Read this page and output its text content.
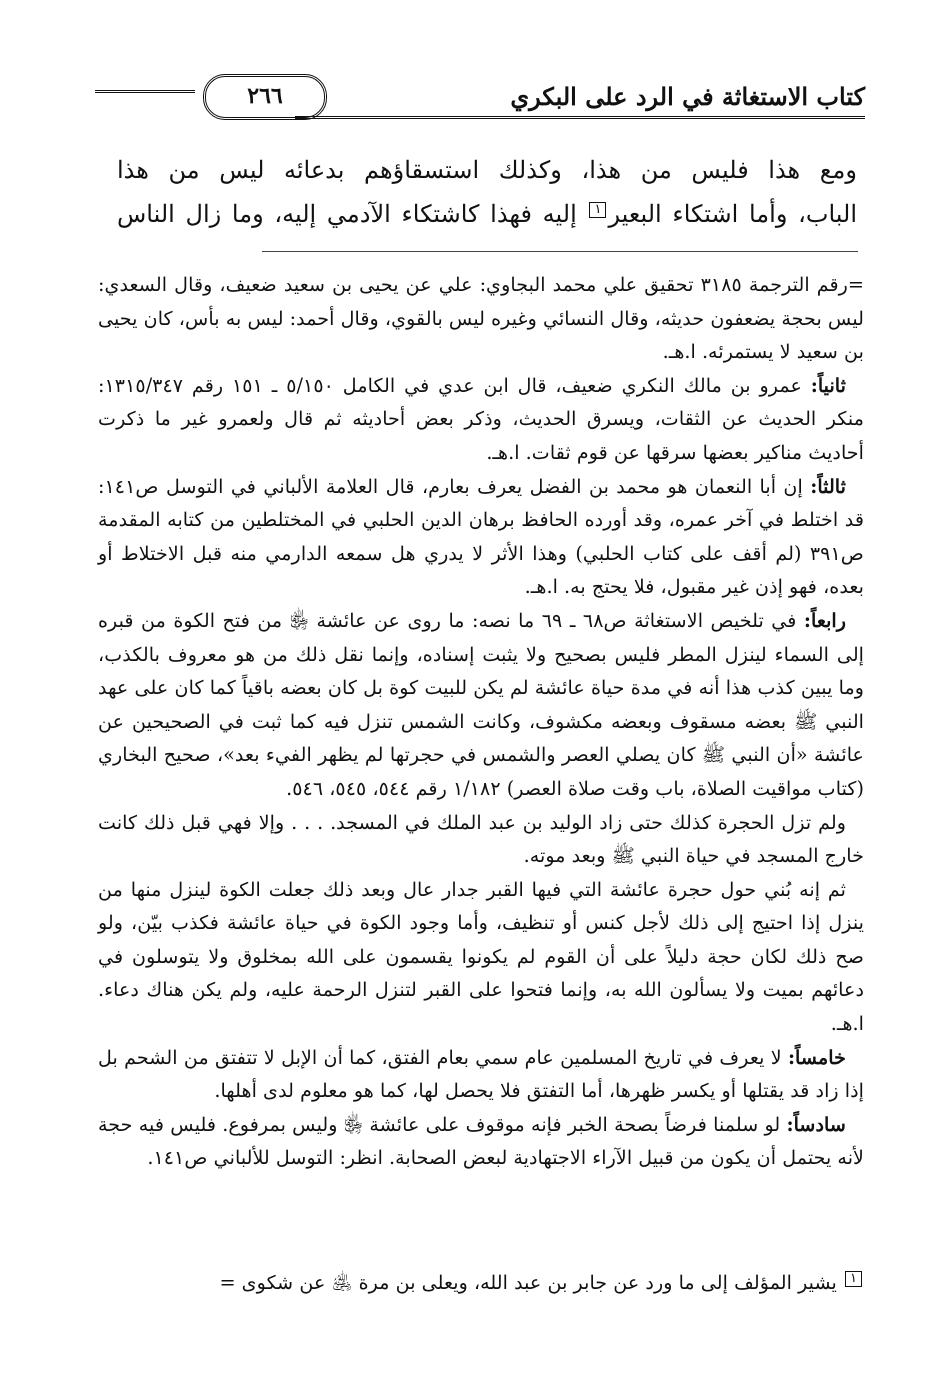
كتاب الاستغاثة في الرد على البكري
٢٦٦

ومع هذا فليس من هذا، وكذلك استسقاؤهم بدعائه ليس من هذا

الباب، وأما اشتكاء البعير١ إليه فهذا كاشتكاء الآدمي إليه، وما زال الناس

=رقم الترجمة ٣١٨٥ تحقيق علي محمد البجاوي: علي عن يحيى بن سعيد ضعيف، وقال السعدي: ليس بحجة يضعفون حديثه، وقال النسائي وغيره ليس بالقوي، وقال أحمد: ليس به بأس، كان يحيى بن سعيد لا يستمرئه. ا.هـ.

ثانياً: عمرو بن مالك النكري ضعيف، قال ابن عدي في الكامل ٥/١٥٠ ـ ١٥١ رقم ١٣١٥/٣٤٧: منكر الحديث عن الثقات، ويسرق الحديث، وذكر بعض أحاديثه ثم قال ولعمرو غير ما ذكرت أحاديث مناكير بعضها سرقها عن قوم ثقات. ا.هـ.

ثالثاً: إن أبا النعمان هو محمد بن الفضل يعرف بعارم، قال العلامة الألباني في التوسل ص١٤١: قد اختلط في آخر عمره، وقد أورده الحافظ برهان الدين الحلبي في المختلطين من كتابه المقدمة ص٣٩١ (لم أقف على كتاب الحلبي) وهذا الأثر لا يدري هل سمعه الدارمي منه قبل الاختلاط أو بعده، فهو إذن غير مقبول، فلا يحتج به. ا.هـ.

رابعاً: في تلخيص الاستغاثة ص٦٨ ـ ٦٩ ما نصه: ما روى عن عائشة ﵂ من فتح الكوة من قبره إلى السماء لينزل المطر فليس بصحيح ولا يثبت إسناده، وإنما نقل ذلك من هو معروف بالكذب، وما يبين كذب هذا أنه في مدة حياة عائشة لم يكن للبيت كوة بل كان بعضه باقياً كما كان على عهد النبي ﷺ بعضه مسقوف وبعضه مكشوف، وكانت الشمس تنزل فيه كما ثبت في الصحيحين عن عائشة «أن النبي ﷺ كان يصلي العصر والشمس في حجرتها لم يظهر الفيء بعد»، صحيح البخاري (كتاب مواقيت الصلاة، باب وقت صلاة العصر) ١/١٨٢ رقم ٥٤٤، ٥٤٥، ٥٤٦.

ولم تزل الحجرة كذلك حتى زاد الوليد بن عبد الملك في المسجد. . . . وإلا فهي قبل ذلك كانت خارج المسجد في حياة النبي ﷺ وبعد موته.

ثم إنه بُني حول حجرة عائشة التي فيها القبر جدار عال وبعد ذلك جعلت الكوة لينزل منها من ينزل إذا احتيج إلى ذلك لأجل كنس أو تنظيف، وأما وجود الكوة في حياة عائشة فكذب بيّن، ولو صح ذلك لكان حجة دليلاً على أن القوم لم يكونوا يقسمون على الله بمخلوق ولا يتوسلون في دعائهم بميت ولا يسألون الله به، وإنما فتحوا على القبر لتنزل الرحمة عليه، ولم يكن هناك دعاء. ا.هـ.

خامساً: لا يعرف في تاريخ المسلمين عام سمي بعام الفتق، كما أن الإبل لا تتفتق من الشحم بل إذا زاد قد يقتلها أو يكسر ظهرها، أما التفتق فلا يحصل لها، كما هو معلوم لدى أهلها.

سادساً: لو سلمنا فرضاً بصحة الخبر فإنه موقوف على عائشة ﵂ وليس بمرفوع. فليس فيه حجة لأنه يحتمل أن يكون من قبيل الآراء الاجتهادية لبعض الصحابة. انظر: التوسل للألباني ص١٤١.

١ يشير المؤلف إلى ما ورد عن جابر بن عبد الله، ويعلى بن مرة ﵁ عن شكوى =
